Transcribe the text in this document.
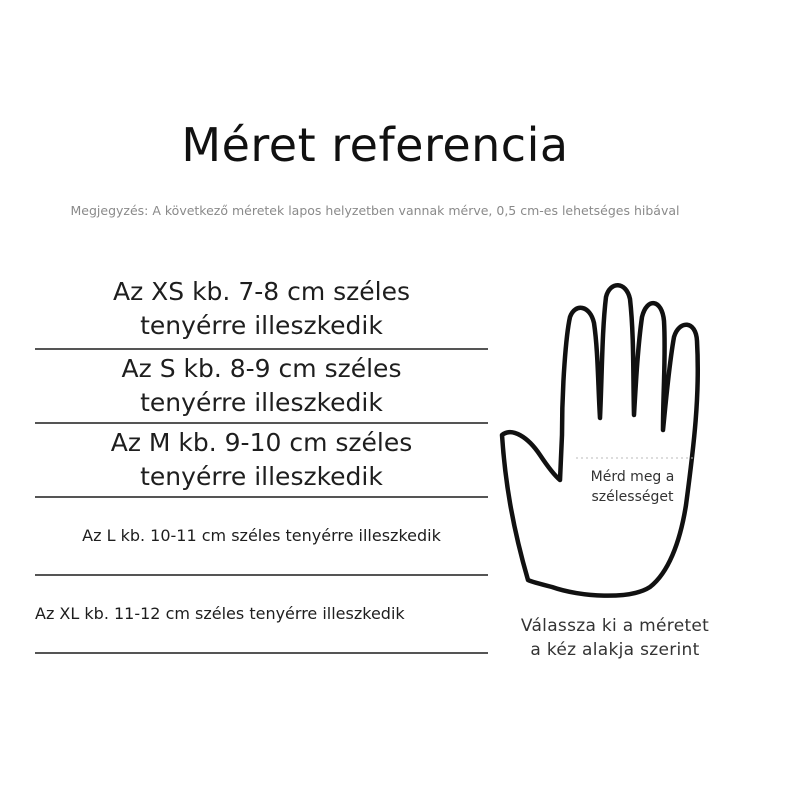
Méret referencia
Megjegyzés: A következő méretek lapos helyzetben vannak mérve, 0,5 cm-es lehetséges hibával
Az XS kb. 7-8 cm széles
tenyérre illeszkedik
Az S kb. 8-9 cm széles
tenyérre illeszkedik
Az M kb. 9-10 cm széles
tenyérre illeszkedik
Az L kb. 10-11 cm széles tenyérre illeszkedik
Az XL kb. 11-12 cm széles tenyérre illeszkedik
Mérd meg a
szélességet
Válassza ki a méretet
a kéz alakja szerint
